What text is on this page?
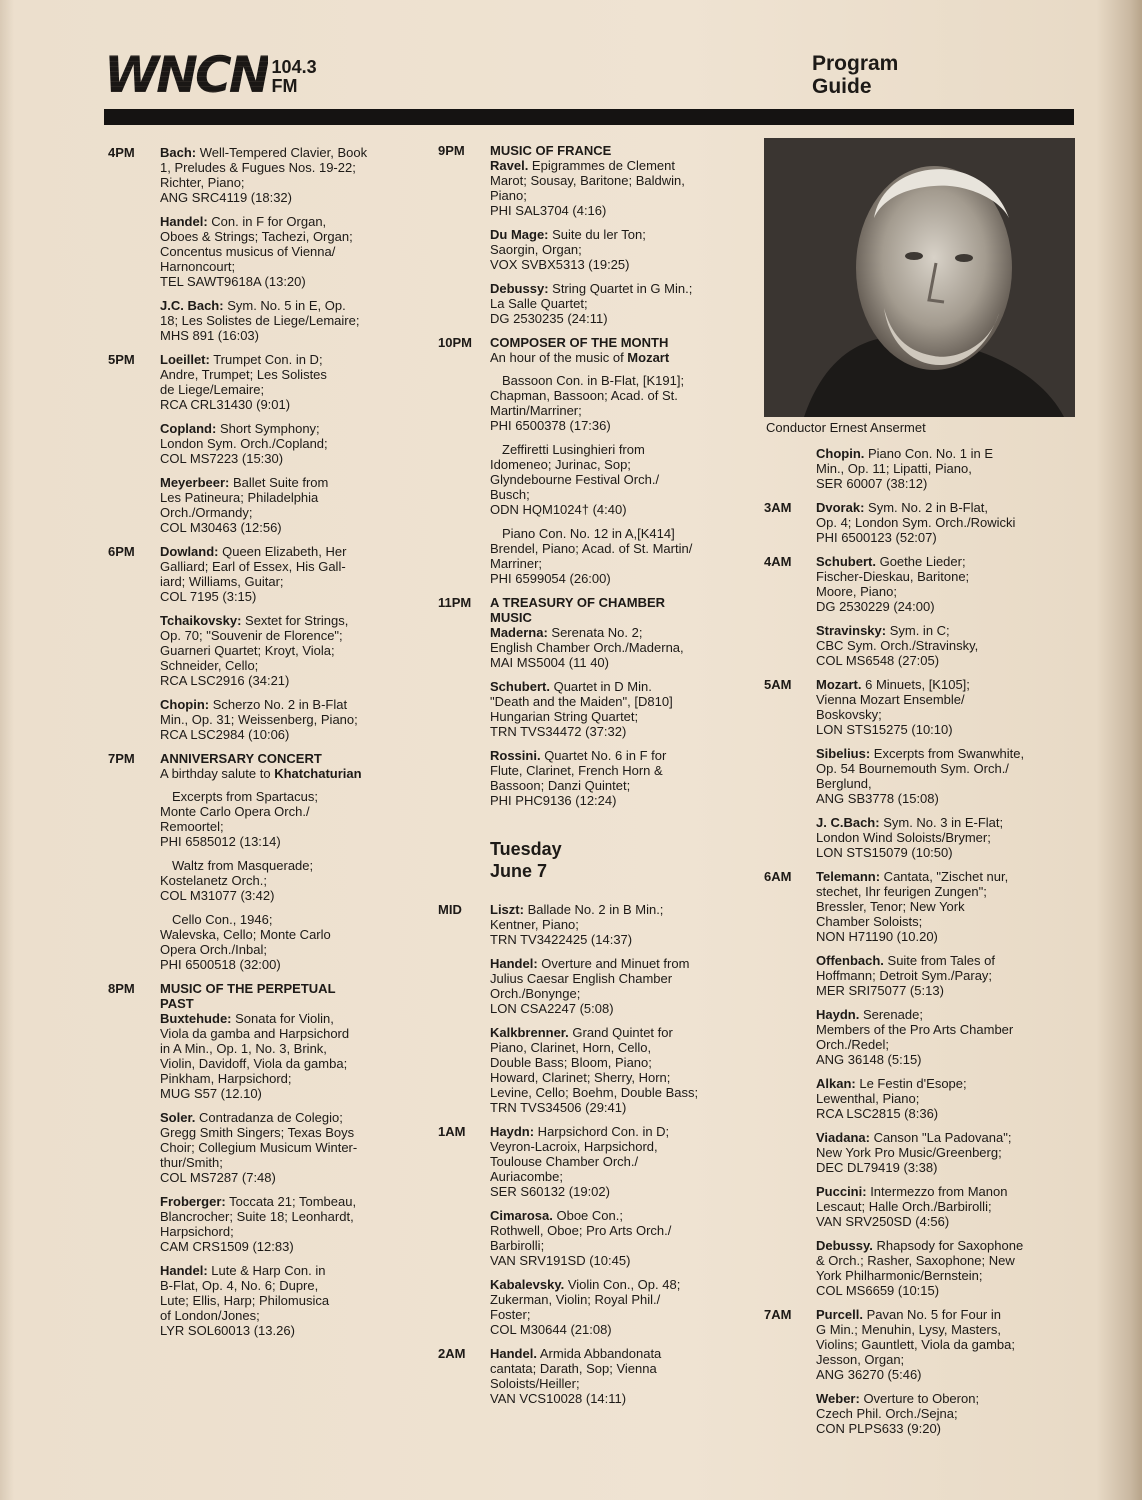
WNCN 104.3
FM
Program
Guide
4PM	Bach: Well-Tempered Clavier, Book
1, Preludes & Fugues Nos. 19-22;
Richter, Piano;
ANG SRC4119 (18:32)
Handel: Con. in F for Organ,
Oboes & Strings; Tachezi, Organ;
Concentus musicus of Vienna/
Harnoncourt;
TEL SAWT9618A (13:20)
J.C. Bach: Sym. No. 5 in E, Op.
18; Les Solistes de Liege/Lemaire;
MHS 891 (16:03)
5PM	Loeillet: Trumpet Con. in D;
Andre, Trumpet; Les Solistes
de Liege/Lemaire;
RCA CRL31430 (9:01)
Copland: Short Symphony;
London Sym. Orch./Copland;
COL MS7223 (15:30)
Meyerbeer: Ballet Suite from
Les Patineura; Philadelphia
Orch./Ormandy;
COL M30463 (12:56)
6PM	Dowland: Queen Elizabeth, Her
Galliard; Earl of Essex, His Gall-
iard; Williams, Guitar;
COL 7195 (3:15)
Tchaikovsky: Sextet for Strings,
Op. 70; "Souvenir de Florence";
Guarneri Quartet; Kroyt, Viola;
Schneider, Cello;
RCA LSC2916 (34:21)
Chopin: Scherzo No. 2 in B-Flat
Min., Op. 31; Weissenberg, Piano;
RCA LSC2984 (10:06)
7PM	ANNIVERSARY CONCERT
A birthday salute to Khatchaturian
Excerpts from Spartacus;
Monte Carlo Opera Orch./
Remoortel;
PHI 6585012 (13:14)
Waltz from Masquerade;
Kostelanetz Orch.;
COL M31077 (3:42)
Cello Con., 1946;
Walevska, Cello; Monte Carlo
Opera Orch./Inbal;
PHI 6500518 (32:00)
8PM	MUSIC OF THE PERPETUAL
PAST
Buxtehude: Sonata for Violin,
Viola da gamba and Harpsichord
in A Min., Op. 1, No. 3, Brink,
Violin, Davidoff, Viola da gamba;
Pinkham, Harpsichord;
MUG S57 (12.10)
Soler. Contradanza de Colegio;
Gregg Smith Singers; Texas Boys
Choir; Collegium Musicum Winter-
thur/Smith;
COL MS7287 (7:48)
Froberger: Toccata 21; Tombeau,
Blancrocher; Suite 18; Leonhardt,
Harpsichord;
CAM CRS1509 (12:83)
Handel: Lute & Harp Con. in
B-Flat, Op. 4, No. 6; Dupre,
Lute; Ellis, Harp; Philomusica
of London/Jones;
LYR SOL60013 (13.26)
9PM	MUSIC OF FRANCE
Ravel. Epigrammes de Clement
Marot; Sousay, Baritone; Baldwin,
Piano;
PHI SAL3704 (4:16)
Du Mage: Suite du ler Ton;
Saorgin, Organ;
VOX SVBX5313 (19:25)
Debussy: String Quartet in G Min.;
La Salle Quartet;
DG 2530235 (24:11)
10PM	COMPOSER OF THE MONTH
An hour of the music of Mozart
Bassoon Con. in B-Flat, [K191];
Chapman, Bassoon; Acad. of St.
Martin/Marriner;
PHI 6500378 (17:36)
Zeffiretti Lusinghieri from
Idomeneo; Jurinac, Sop;
Glyndebourne Festival Orch./
Busch;
ODN HQM1024† (4:40)
Piano Con. No. 12 in A,[K414]
Brendel, Piano; Acad. of St. Martin/
Marriner;
PHI 6599054 (26:00)
11PM	A TREASURY OF CHAMBER
MUSIC
Maderna: Serenata No. 2;
English Chamber Orch./Maderna,
MAI MS5004 (11 40)
Schubert. Quartet in D Min.
"Death and the Maiden", [D810]
Hungarian String Quartet;
TRN TVS34472 (37:32)
Rossini. Quartet No. 6 in F for
Flute, Clarinet, French Horn &
Bassoon; Danzi Quintet;
PHI PHC9136 (12:24)
Tuesday
June 7
MID	Liszt: Ballade No. 2 in B Min.;
Kentner, Piano;
TRN TV3422425 (14:37)
Handel: Overture and Minuet from
Julius Caesar English Chamber
Orch./Bonynge;
LON CSA2247 (5:08)
Kalkbrenner. Grand Quintet for
Piano, Clarinet, Horn, Cello,
Double Bass; Bloom, Piano;
Howard, Clarinet; Sherry, Horn;
Levine, Cello; Boehm, Double Bass;
TRN TVS34506 (29:41)
1AM	Haydn: Harpsichord Con. in D;
Veyron-Lacroix, Harpsichord,
Toulouse Chamber Orch./
Auriacombe;
SER S60132 (19:02)
Cimarosa. Oboe Con.;
Rothwell, Oboe; Pro Arts Orch./
Barbirolli;
VAN SRV191SD (10:45)
Kabalevsky. Violin Con., Op. 48;
Zukerman, Violin; Royal Phil./
Foster;
COL M30644 (21:08)
2AM	Handel. Armida Abbandonata
cantata; Darath, Sop; Vienna
Soloists/Heiller;
VAN VCS10028 (14:11)
Conductor Ernest Ansermet
Chopin. Piano Con. No. 1 in E
Min., Op. 11; Lipatti, Piano,
SER 60007 (38:12)
3AM	Dvorak: Sym. No. 2 in B-Flat,
Op. 4; London Sym. Orch./Rowicki
PHI 6500123 (52:07)
4AM	Schubert. Goethe Lieder;
Fischer-Dieskau, Baritone;
Moore, Piano;
DG 2530229 (24:00)
Stravinsky: Sym. in C;
CBC Sym. Orch./Stravinsky,
COL MS6548 (27:05)
5AM	Mozart. 6 Minuets, [K105];
Vienna Mozart Ensemble/
Boskovsky;
LON STS15275 (10:10)
Sibelius: Excerpts from Swanwhite,
Op. 54 Bournemouth Sym. Orch./
Berglund,
ANG SB3778 (15:08)
J. C.Bach: Sym. No. 3 in E-Flat;
London Wind Soloists/Brymer;
LON STS15079 (10:50)
6AM	Telemann: Cantata, "Zischet nur,
stechet, Ihr feurigen Zungen";
Bressler, Tenor; New York
Chamber Soloists;
NON H71190 (10.20)
Offenbach. Suite from Tales of
Hoffmann; Detroit Sym./Paray;
MER SRI75077 (5:13)
Haydn. Serenade;
Members of the Pro Arts Chamber
Orch./Redel;
ANG 36148 (5:15)
Alkan: Le Festin d'Esope;
Lewenthal, Piano;
RCA LSC2815 (8:36)
Viadana: Canson "La Padovana";
New York Pro Music/Greenberg;
DEC DL79419 (3:38)
Puccini: Intermezzo from Manon
Lescaut; Halle Orch./Barbirolli;
VAN SRV250SD (4:56)
Debussy. Rhapsody for Saxophone
& Orch.; Rasher, Saxophone; New
York Philharmonic/Bernstein;
COL MS6659 (10:15)
7AM	Purcell. Pavan No. 5 for Four in
G Min.; Menuhin, Lysy, Masters,
Violins; Gauntlett, Viola da gamba;
Jesson, Organ;
ANG 36270 (5:46)
Weber: Overture to Oberon;
Czech Phil. Orch./Sejna;
CON PLPS633 (9:20)
